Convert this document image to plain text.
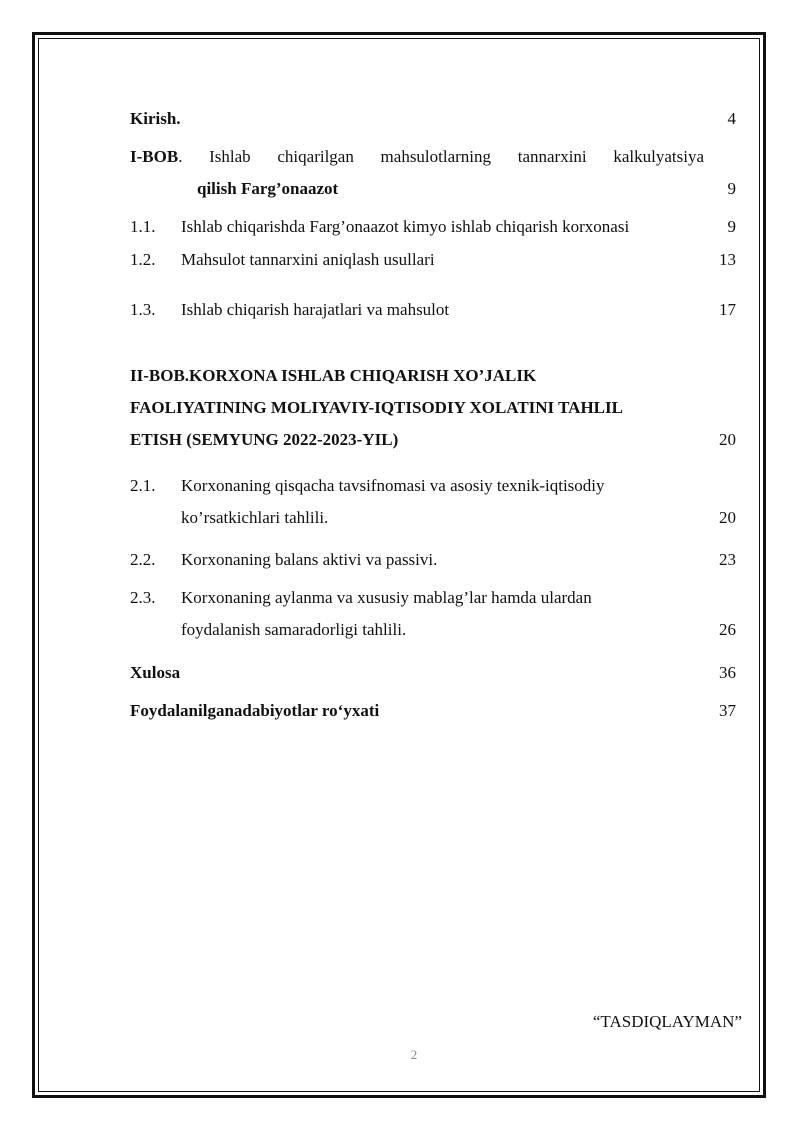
Kirish.	4
I-BOB. Ishlab chiqarilgan mahsulotlarning tannarxini kalkulyatsiya
qilish Farg’onaazot	9
1.1. Ishlab chiqarishda Farg’onaazot kimyo ishlab chiqarish korxonasi	9
1.2. Mahsulot tannarxini aniqlash usullari	13
1.3. Ishlab chiqarish harajatlari va mahsulot	17
II-BOB.KORXONA ISHLAB CHIQARISH XO’JALIK
FAOLIYATINING MOLIYAVIY-IQTISODIY XOLATINI TAHLIL
ETISH (SEMYUNG 2022-2023-YIL)	20
2.1. Korxonaning qisqacha tavsifnomasi va asosiy texnik-iqtisodiy
ko’rsatkichlari tahlili.	20
2.2. Korxonaning balans aktivi va passivi.	23
2.3. Korxonaning aylanma va xususiy mablag’lar hamda ulardan
foydalanish samaradorligi tahlili.	26
Xulosa	36
Foydalanilganadabiyotlar ro‘yxati	37
“TASDIQLAYMAN”
2
